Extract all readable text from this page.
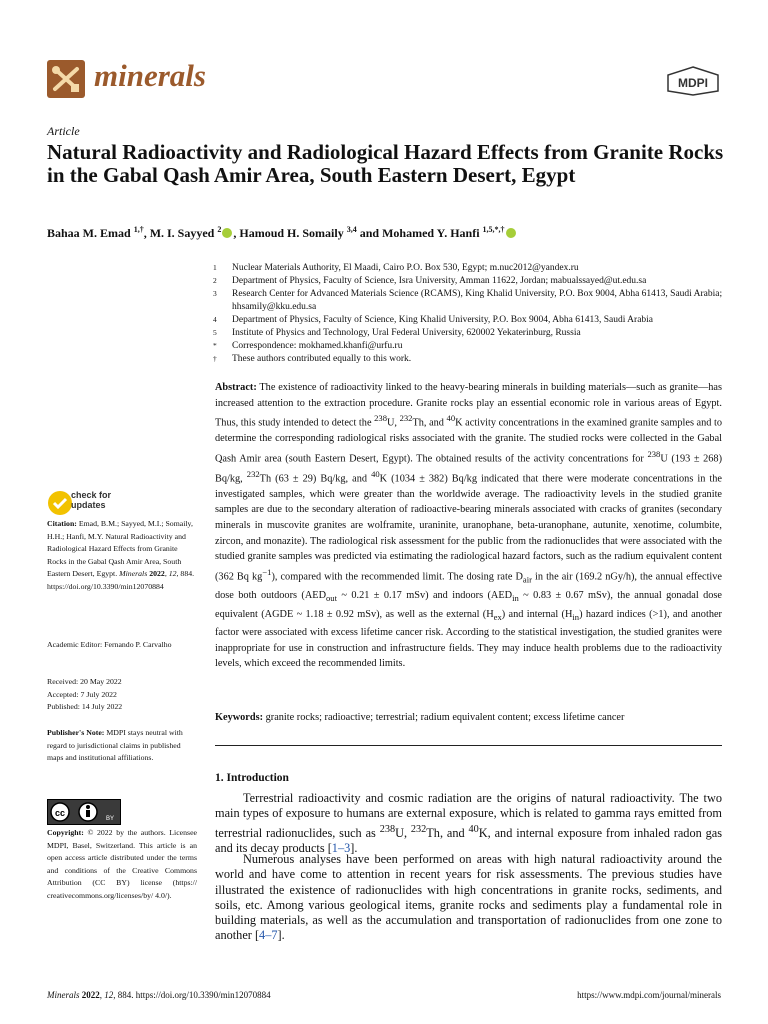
minerals	MDPI
Article
Natural Radioactivity and Radiological Hazard Effects from Granite Rocks in the Gabal Qash Amir Area, South Eastern Desert, Egypt
Bahaa M. Emad $^{1,\dagger}$, M. I. Sayyed $^2$ , Hamoud H. Somaily $^{3,4}$ and Mohamed Y. Hanfi $^{1,5,*,\dagger}$
1	Nuclear Materials Authority, El Maadi, Cairo P.O. Box 530, Egypt; m.nuc2012@yandex.ru
2	Department of Physics, Faculty of Science, Isra University, Amman 11622, Jordan; mabualssayed@ut.edu.sa
3	Research Center for Advanced Materials Science (RCAMS), King Khalid University, P.O. Box 9004, Abha 61413, Saudi Arabia; hhsamily@kku.edu.sa
4	Department of Physics, Faculty of Science, King Khalid University, P.O. Box 9004, Abha 61413, Saudi Arabia
5	Institute of Physics and Technology, Ural Federal University, 620002 Yekaterinburg, Russia
*	Correspondence: mokhamed.khanfi@urfu.ru
†	These authors contributed equally to this work.

Abstract: The existence of radioactivity linked to the heavy-bearing minerals in building materials—such as granite—has increased attention to the extraction procedure. Granite rocks play an essential economic role in various areas of Egypt. Thus, this study intended to detect the $^{238}$U, $^{232}$Th, and $^{40}$K activity concentrations in the examined granite samples and to determine the corresponding radiological risks associated with the granite. The studied rocks were collected in the Gabal Qash Amir area (south Eastern Desert, Egypt). The obtained results of the activity concentrations for $^{238}$U (193 ± 268) Bq/kg, $^{232}$Th (63 ± 29) Bq/kg, and $^{40}$K (1034 ± 382) Bq/kg indicated that there were moderate concentrations in the investigated samples, which were greater than the worldwide average. The radioactivity levels in the studied granite samples are due to the secondary alteration of radioactive-bearing minerals associated with cracks of granites (secondary minerals in muscovite granites are wolframite, uraninite, uranophane, beta-uranophane, autunite, xenotime, columbite, zircon, and monazite). The radiological risk assessment for the public from the radionuclides that were associated with the studied granite samples was predicted via estimating the radiological hazard factors, such as the radium equivalent content (362 Bq $kg^{-1}$), compared with the recommended limit. The dosing rate $D_{air}$ in the air (169.2 nGy/h), the annual effective dose both outdoors ($AED_{out}$ ~ 0.21 ± 0.17 mSv) and indoors ($AED_{in}$ ~ 0.83 ± 0.67 mSv), the annual gonadal dose equivalent (AGDE ~ 1.18 ± 0.92 mSv), as well as the external $(H_{ex})$ and internal $(H_{in})$ hazard indices (>1), and another factor were associated with excess lifetime cancer risk. According to the statistical investigation, the studied granites were inappropriate for use in construction and infrastructure fields. They may induce health problems due to the radioactivity levels, which exceed the recommended limits.

Keywords: granite rocks; radioactive; terrestrial; radium equivalent content; excess lifetime cancer
1. Introduction

Terrestrial radioactivity and cosmic radiation are the origins of natural radioactivity. The two main types of exposure to humans are external exposure, which is related to gamma rays emitted from terrestrial radionuclides, such as $^{238}$U, $^{232}$Th, and $^{40}$K, and internal exposure from inhaled radon gas and its decay products [1–3].

Numerous analyses have been performed on areas with high natural radioactivity around the world and have come to attention in recent years for risk assessments. The previous studies have illustrated the existence of radionuclides with high concentrations in granite rocks, sediments, and soils, etc. Among various geological items, granite rocks and sediments play a fundamental role in building materials, as well as the accumulation and transportation of radionuclides from one zone to another [4–7].

check for
updates
Citation: Emad, B.M.; Sayyed, M.I.; Somaily, H.H.; Hanfi, M.Y. Natural Radioactivity and Radiological Hazard Effects from Granite Rocks in the Gabal Qash Amir Area, South Eastern Desert, Egypt. Minerals 2022, 12, 884. https://doi.org/10.3390/min12070884
Academic Editor: Fernando P. Carvalho
Received: 20 May 2022
Accepted: 7 July 2022
Published: 14 July 2022
Publisher's Note: MDPI stays neutral with regard to jurisdictional claims in published maps and institutional affiliations.
cc
BY
Copyright: © 2022 by the authors. Licensee MDPI, Basel, Switzerland. This article is an open access article distributed under the terms and conditions of the Creative Commons Attribution (CC BY) license (https:// creativecommons.org/licenses/by/ 4.0/).
Minerals 2022, 12, 884. https://doi.org/10.3390/min12070884	https://www.mdpi.com/journal/minerals
